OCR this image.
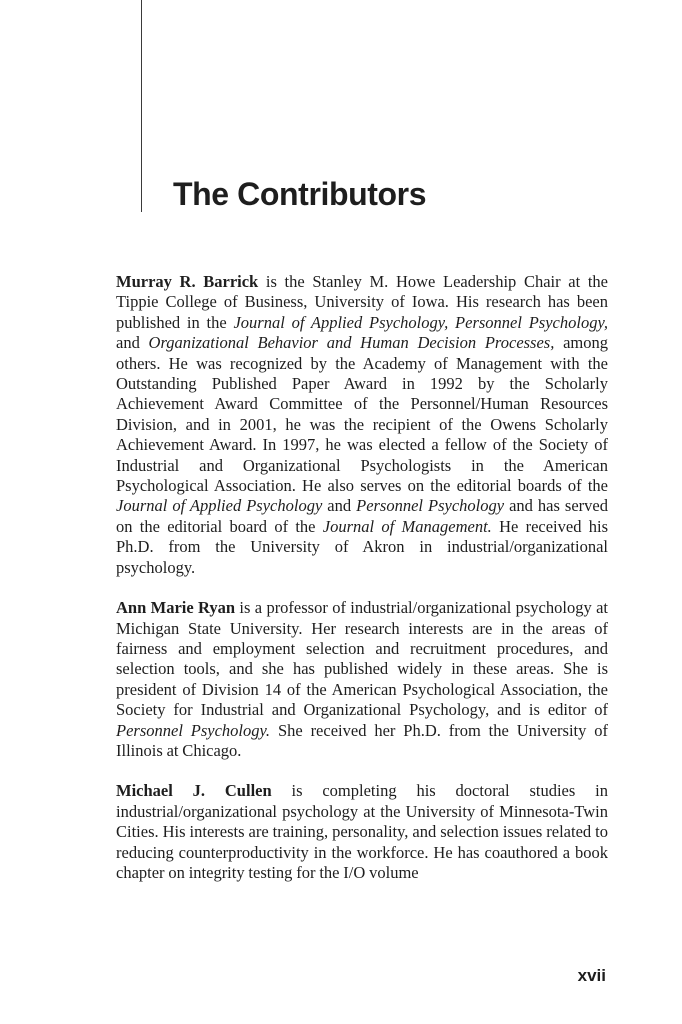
The Contributors

Murray R. Barrick is the Stanley M. Howe Leadership Chair at the Tippie College of Business, University of Iowa. His research has been published in the Journal of Applied Psychology, Personnel Psychology, and Organizational Behavior and Human Decision Processes, among others. He was recognized by the Academy of Management with the Outstanding Published Paper Award in 1992 by the Scholarly Achievement Award Committee of the Personnel/Human Resources Division, and in 2001, he was the recipient of the Owens Scholarly Achievement Award. In 1997, he was elected a fellow of the Society of Industrial and Organizational Psychologists in the American Psychological Association. He also serves on the editorial boards of the Journal of Applied Psychology and Personnel Psychology and has served on the editorial board of the Journal of Management. He received his Ph.D. from the University of Akron in industrial/organizational psychology.

Ann Marie Ryan is a professor of industrial/organizational psychology at Michigan State University. Her research interests are in the areas of fairness and employment selection and recruitment procedures, and selection tools, and she has published widely in these areas. She is president of Division 14 of the American Psychological Association, the Society for Industrial and Organizational Psychology, and is editor of Personnel Psychology. She received her Ph.D. from the University of Illinois at Chicago.

Michael J. Cullen is completing his doctoral studies in industrial/organizational psychology at the University of Minnesota-Twin Cities. His interests are training, personality, and selection issues related to reducing counterproductivity in the workforce. He has coauthored a book chapter on integrity testing for the I/O volume

xvii
